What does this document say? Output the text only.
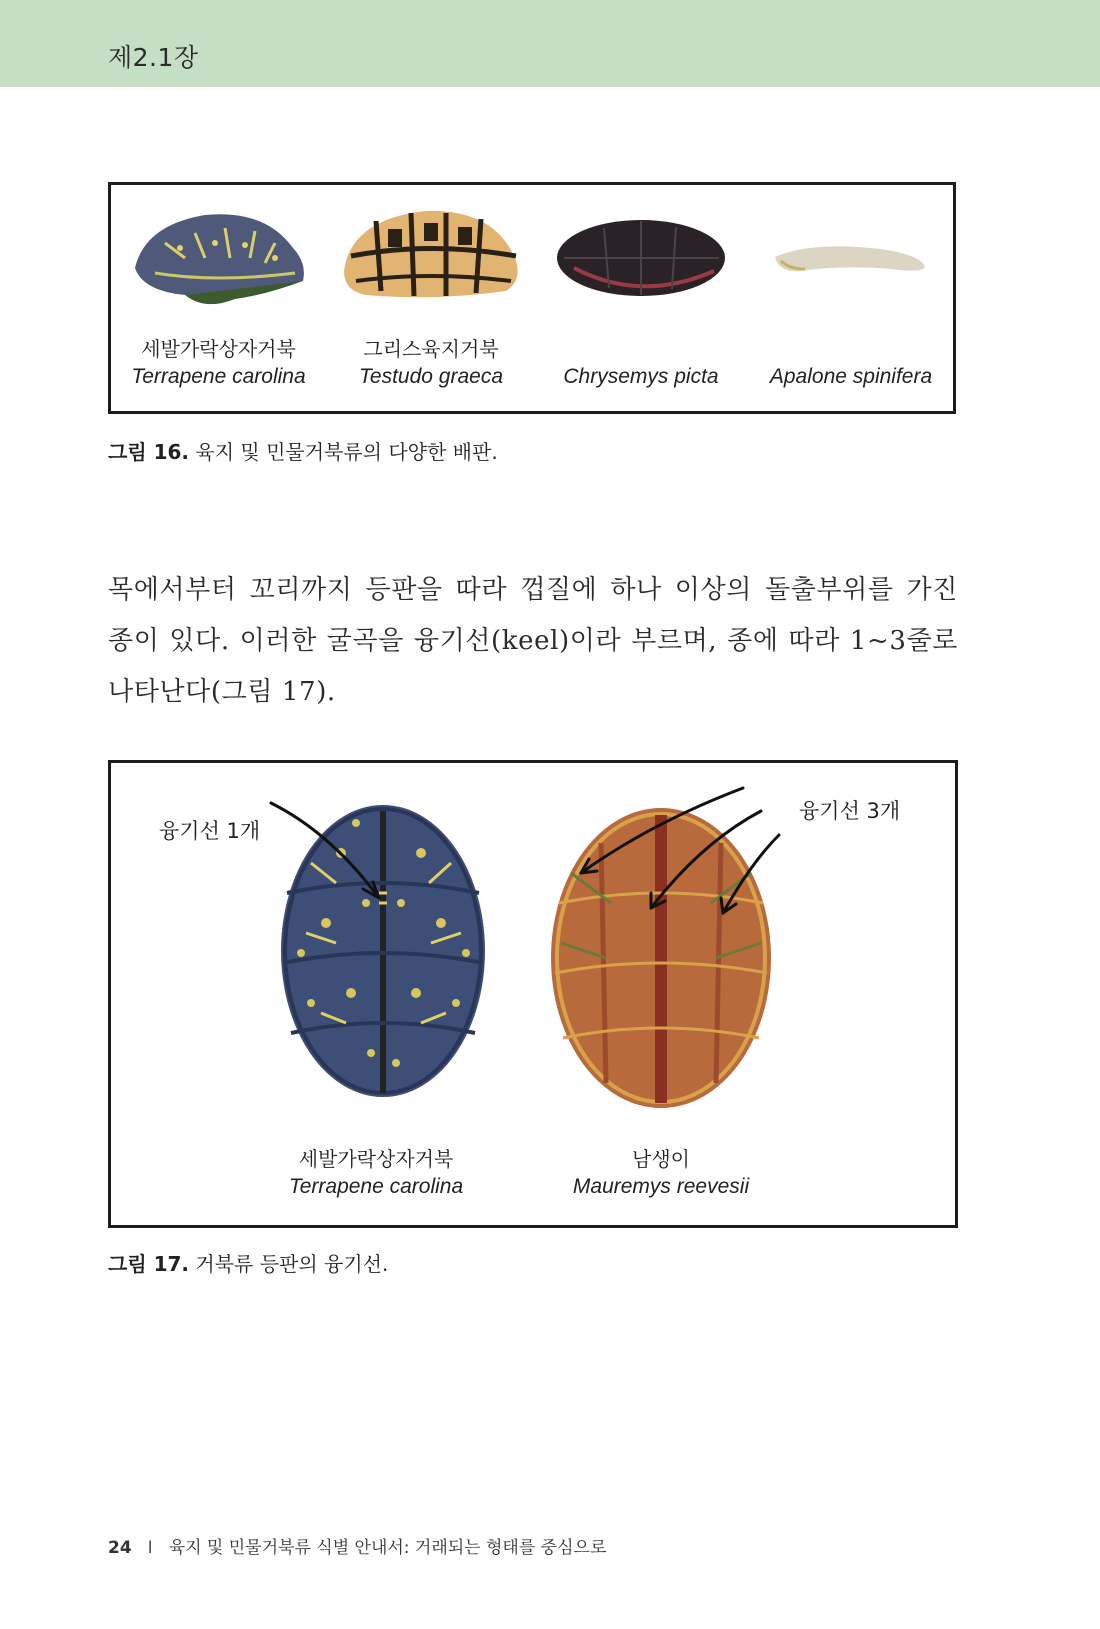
제2.1장
세발가락상자거북
Terrapene carolina
그리스육지거북
Testudo graeca	Chrysemys picta	Apalone spinifera
그림 16. 육지 및 민물거북류의 다양한 배판.
목에서부터 꼬리까지 등판을 따라 껍질에 하나 이상의 돌출부위를 가진 종이 있다. 이러한 굴곡을 융기선(keel)이라 부르며, 종에 따라 1~3줄로 나타난다(그림 17).
융기선 1개
융기선 3개
세발가락상자거북
Terrapene carolina
남생이
Mauremys reevesii
그림 17. 거북류 등판의 융기선.
24 I 육지 및 민물거북류 식별 안내서: 거래되는 형태를 중심으로
